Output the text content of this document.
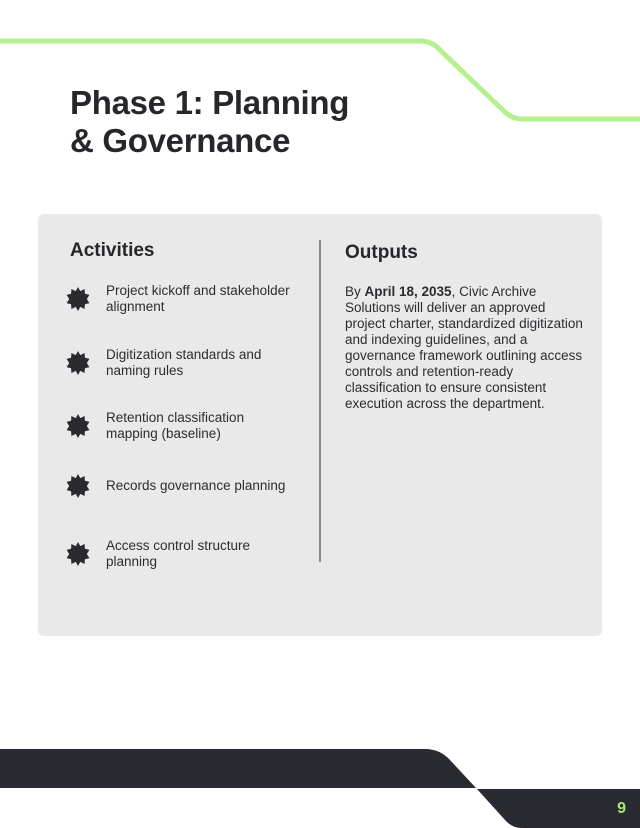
Phase 1: Planning & Governance
Activities	Outputs
Project kickoff and stakeholder alignment
Digitization standards and naming rules
Retention classification mapping (baseline)
Records governance planning
Access control structure planning

By April 18, 2035, Civic Archive Solutions will deliver an approved project charter, standardized digitization and indexing guidelines, and a governance framework outlining access controls and retention-ready classification to ensure consistent execution across the department.

9
